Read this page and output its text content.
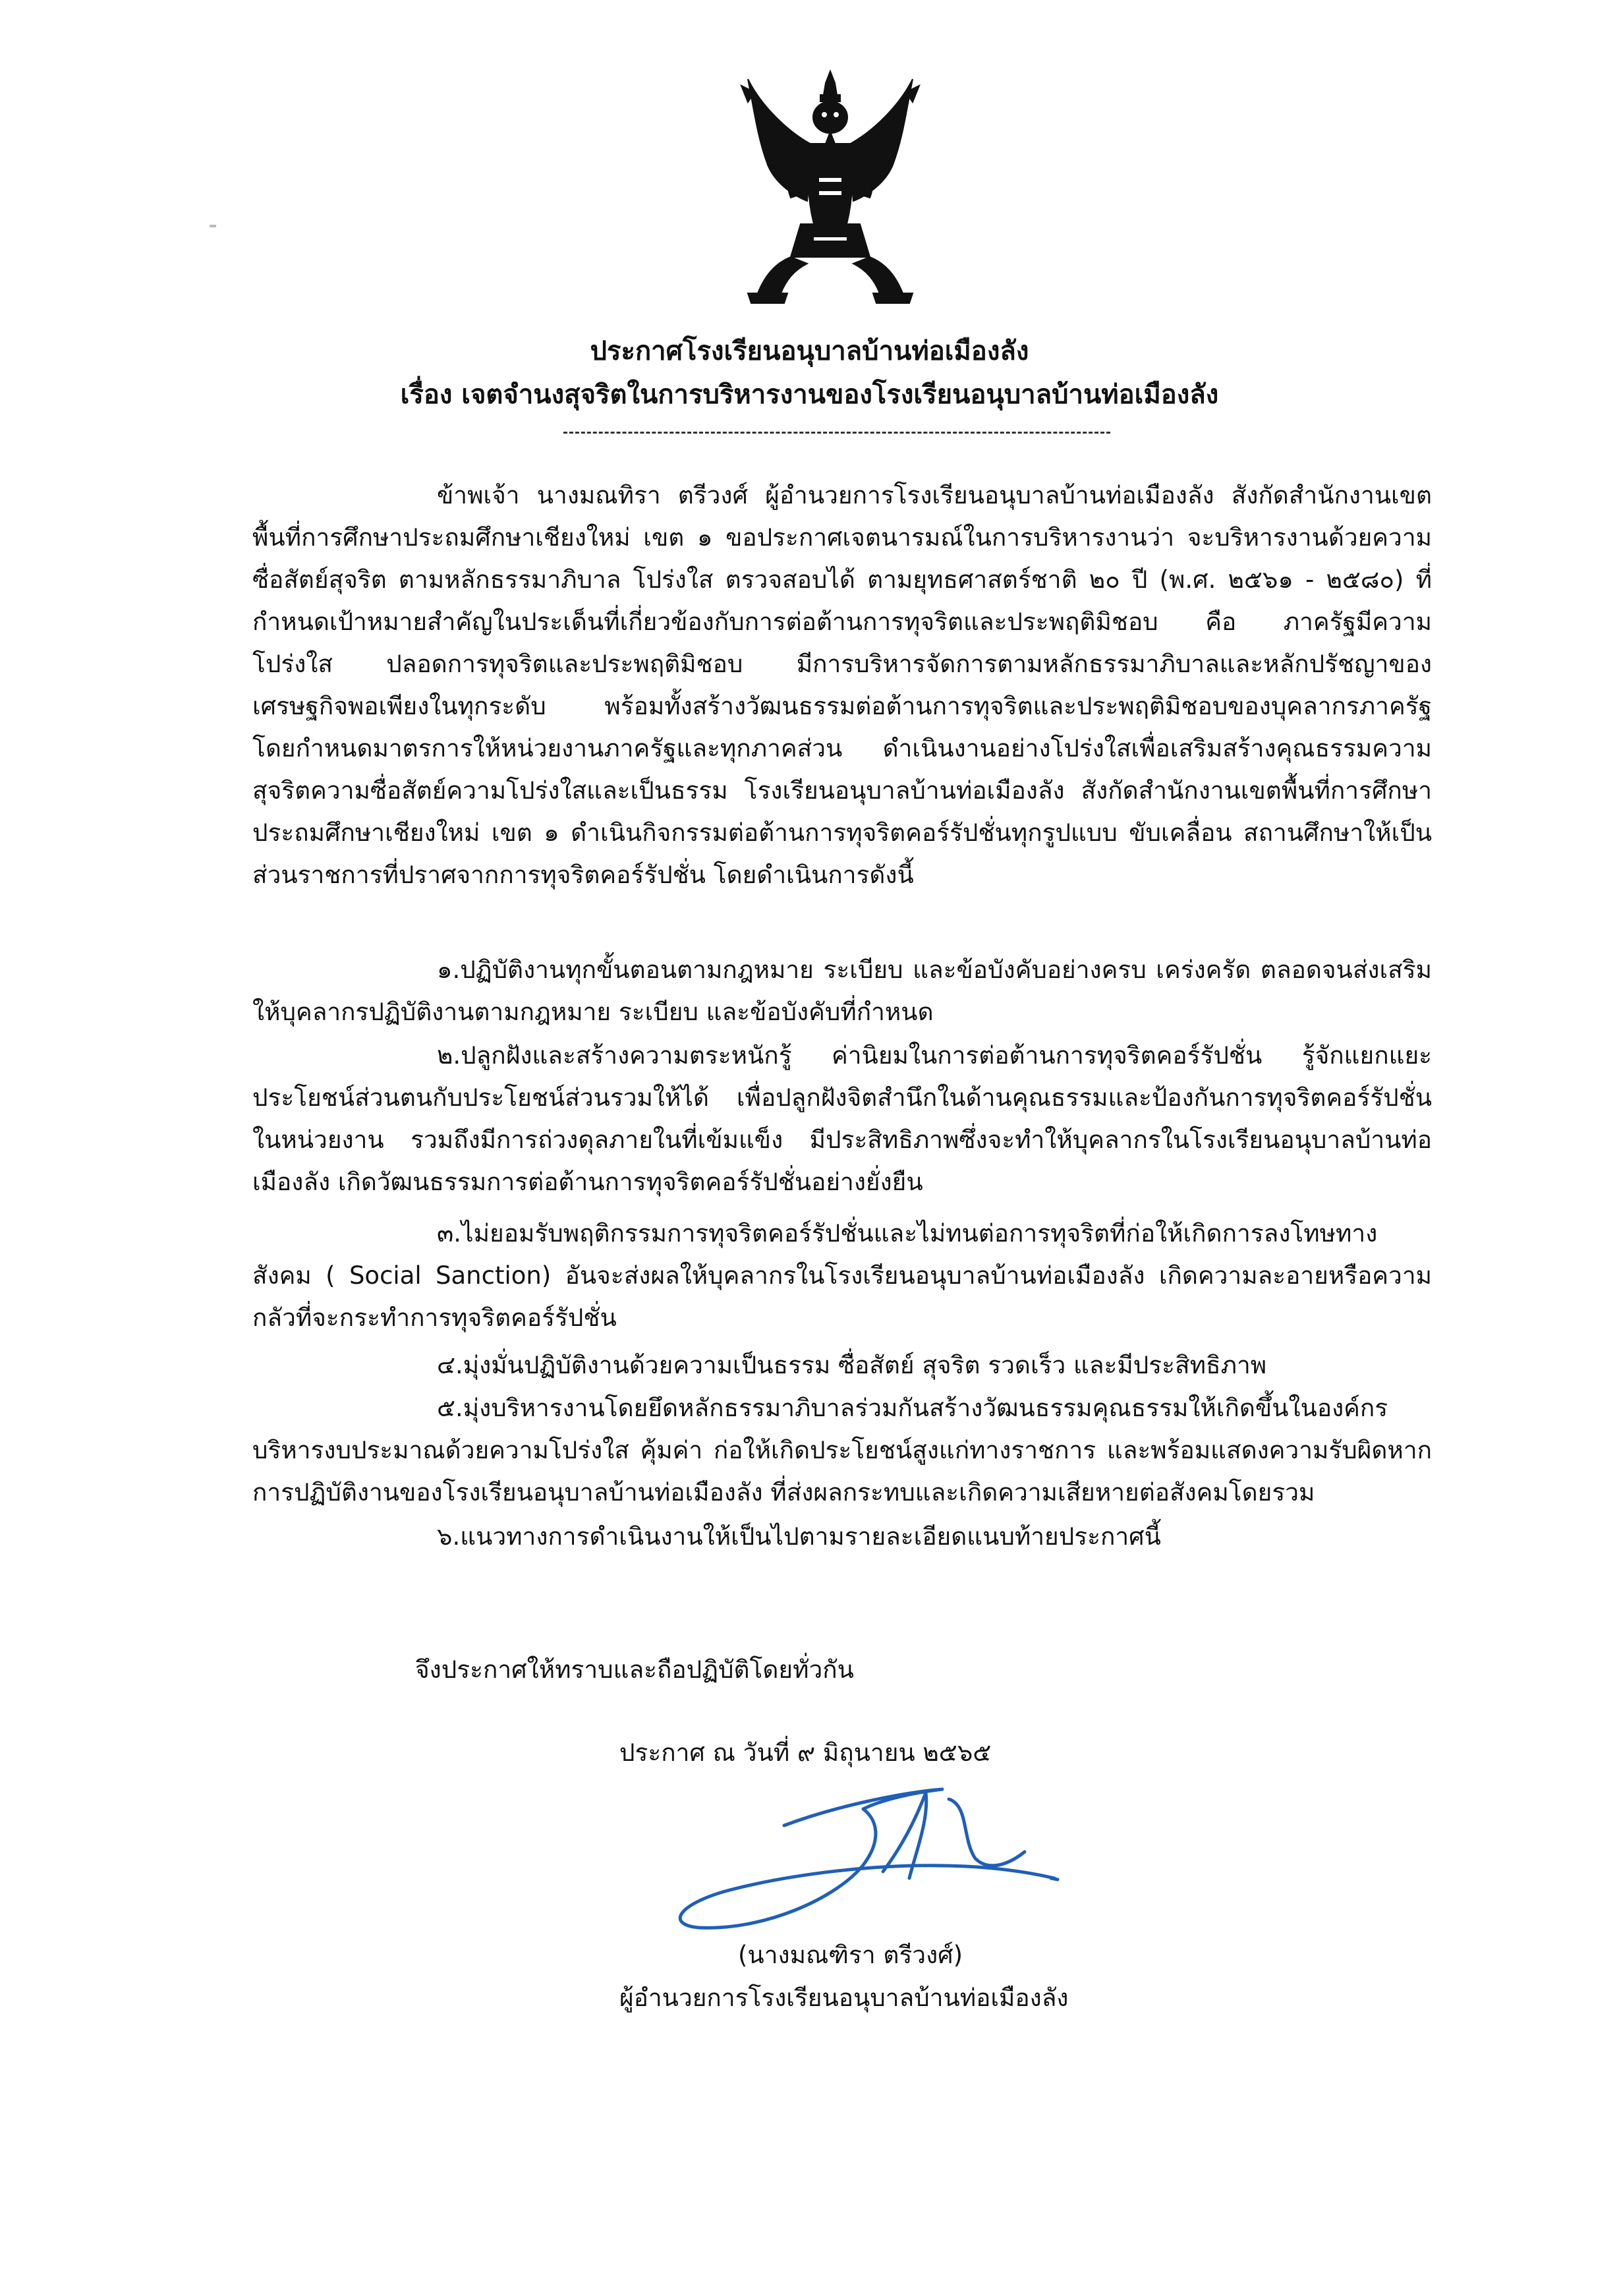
ประกาศโรงเรียนอนุบาลบ้านท่อเมืองลัง
เรื่อง เจตจำนงสุจริตในการบริหารงานของโรงเรียนอนุบาลบ้านท่อเมืองลัง
ข้าพเจ้า นางมณทิรา ตรีวงศ์ ผู้อำนวยการโรงเรียนอนุบาลบ้านท่อเมืองลัง สังกัดสำนักงานเขตพื้นที่การศึกษาประถมศึกษาเชียงใหม่ เขต ๑ ขอประกาศเจตนารมณ์ในการบริหารงานว่า จะบริหารงานด้วยความซื่อสัตย์สุจริต ตามหลักธรรมาภิบาล โปร่งใส ตรวจสอบได้ ตามยุทธศาสตร์ชาติ ๒๐ ปี (พ.ศ. ๒๕๖๑ - ๒๕๘๐) ที่กำหนดเป้าหมายสำคัญในประเด็นที่เกี่ยวข้องกับการต่อต้านการทุจริตและประพฤติมิชอบ คือ ภาครัฐมีความโปร่งใส ปลอดการทุจริตและประพฤติมิชอบ มีการบริหารจัดการตามหลักธรรมาภิบาลและหลักปรัชญาของเศรษฐกิจพอเพียงในทุกระดับ พร้อมทั้งสร้างวัฒนธรรมต่อต้านการทุจริตและประพฤติมิชอบของบุคลากรภาครัฐ โดยกำหนดมาตรการให้หน่วยงานภาครัฐและทุกภาคส่วน ดำเนินงานอย่างโปร่งใสเพื่อเสริมสร้างคุณธรรมความสุจริตความซื่อสัตย์ความโปร่งใสและเป็นธรรม โรงเรียนอนุบาลบ้านท่อเมืองลัง สังกัดสำนักงานเขตพื้นที่การศึกษาประถมศึกษาเชียงใหม่ เขต ๑ ดำเนินกิจกรรมต่อต้านการทุจริตคอร์รัปชั่นทุกรูปแบบ ขับเคลื่อน สถานศึกษาให้เป็นส่วนราชการที่ปราศจากการทุจริตคอร์รัปชั่น โดยดำเนินการดังนี้
๑.ปฏิบัติงานทุกขั้นตอนตามกฎหมาย ระเบียบ และข้อบังคับอย่างครบ เคร่งครัด ตลอดจนส่งเสริมให้บุคลากรปฏิบัติงานตามกฎหมาย ระเบียบ และข้อบังคับที่กำหนด
๒.ปลูกฝังและสร้างความตระหนักรู้ ค่านิยมในการต่อต้านการทุจริตคอร์รัปชั่น รู้จักแยกแยะประโยชน์ส่วนตนกับประโยชน์ส่วนรวมให้ได้ เพื่อปลูกฝังจิตสำนึกในด้านคุณธรรมและป้องกันการทุจริตคอร์รัปชั่นในหน่วยงาน รวมถึงมีการถ่วงดุลภายในที่เข้มแข็ง มีประสิทธิภาพซึ่งจะทำให้บุคลากรในโรงเรียนอนุบาลบ้านท่อเมืองลัง เกิดวัฒนธรรมการต่อต้านการทุจริตคอร์รัปชั่นอย่างยั่งยืน
๓.ไม่ยอมรับพฤติกรรมการทุจริตคอร์รัปชั่นและไม่ทนต่อการทุจริตที่ก่อให้เกิดการลงโทษทางสังคม ( Social Sanction) อันจะส่งผลให้บุคลากรในโรงเรียนอนุบาลบ้านท่อเมืองลัง เกิดความละอายหรือความกลัวที่จะกระทำการทุจริตคอร์รัปชั่น
๔.มุ่งมั่นปฏิบัติงานด้วยความเป็นธรรม ซื่อสัตย์ สุจริต รวดเร็ว และมีประสิทธิภาพ
๕.มุ่งบริหารงานโดยยึดหลักธรรมาภิบาลร่วมกันสร้างวัฒนธรรมคุณธรรมให้เกิดขึ้นในองค์กรบริหารงบประมาณด้วยความโปร่งใส คุ้มค่า ก่อให้เกิดประโยชน์สูงแก่ทางราชการ และพร้อมแสดงความรับผิดหากการปฏิบัติงานของโรงเรียนอนุบาลบ้านท่อเมืองลัง ที่ส่งผลกระทบและเกิดความเสียหายต่อสังคมโดยรวม
๖.แนวทางการดำเนินงานให้เป็นไปตามรายละเอียดแนบท้ายประกาศนี้
จึงประกาศให้ทราบและถือปฏิบัติโดยทั่วกัน
ประกาศ ณ วันที่ ๙ มิถุนายน ๒๕๖๕
(นางมณฑิรา ตรีวงศ์)
ผู้อำนวยการโรงเรียนอนุบาลบ้านท่อเมืองลัง
